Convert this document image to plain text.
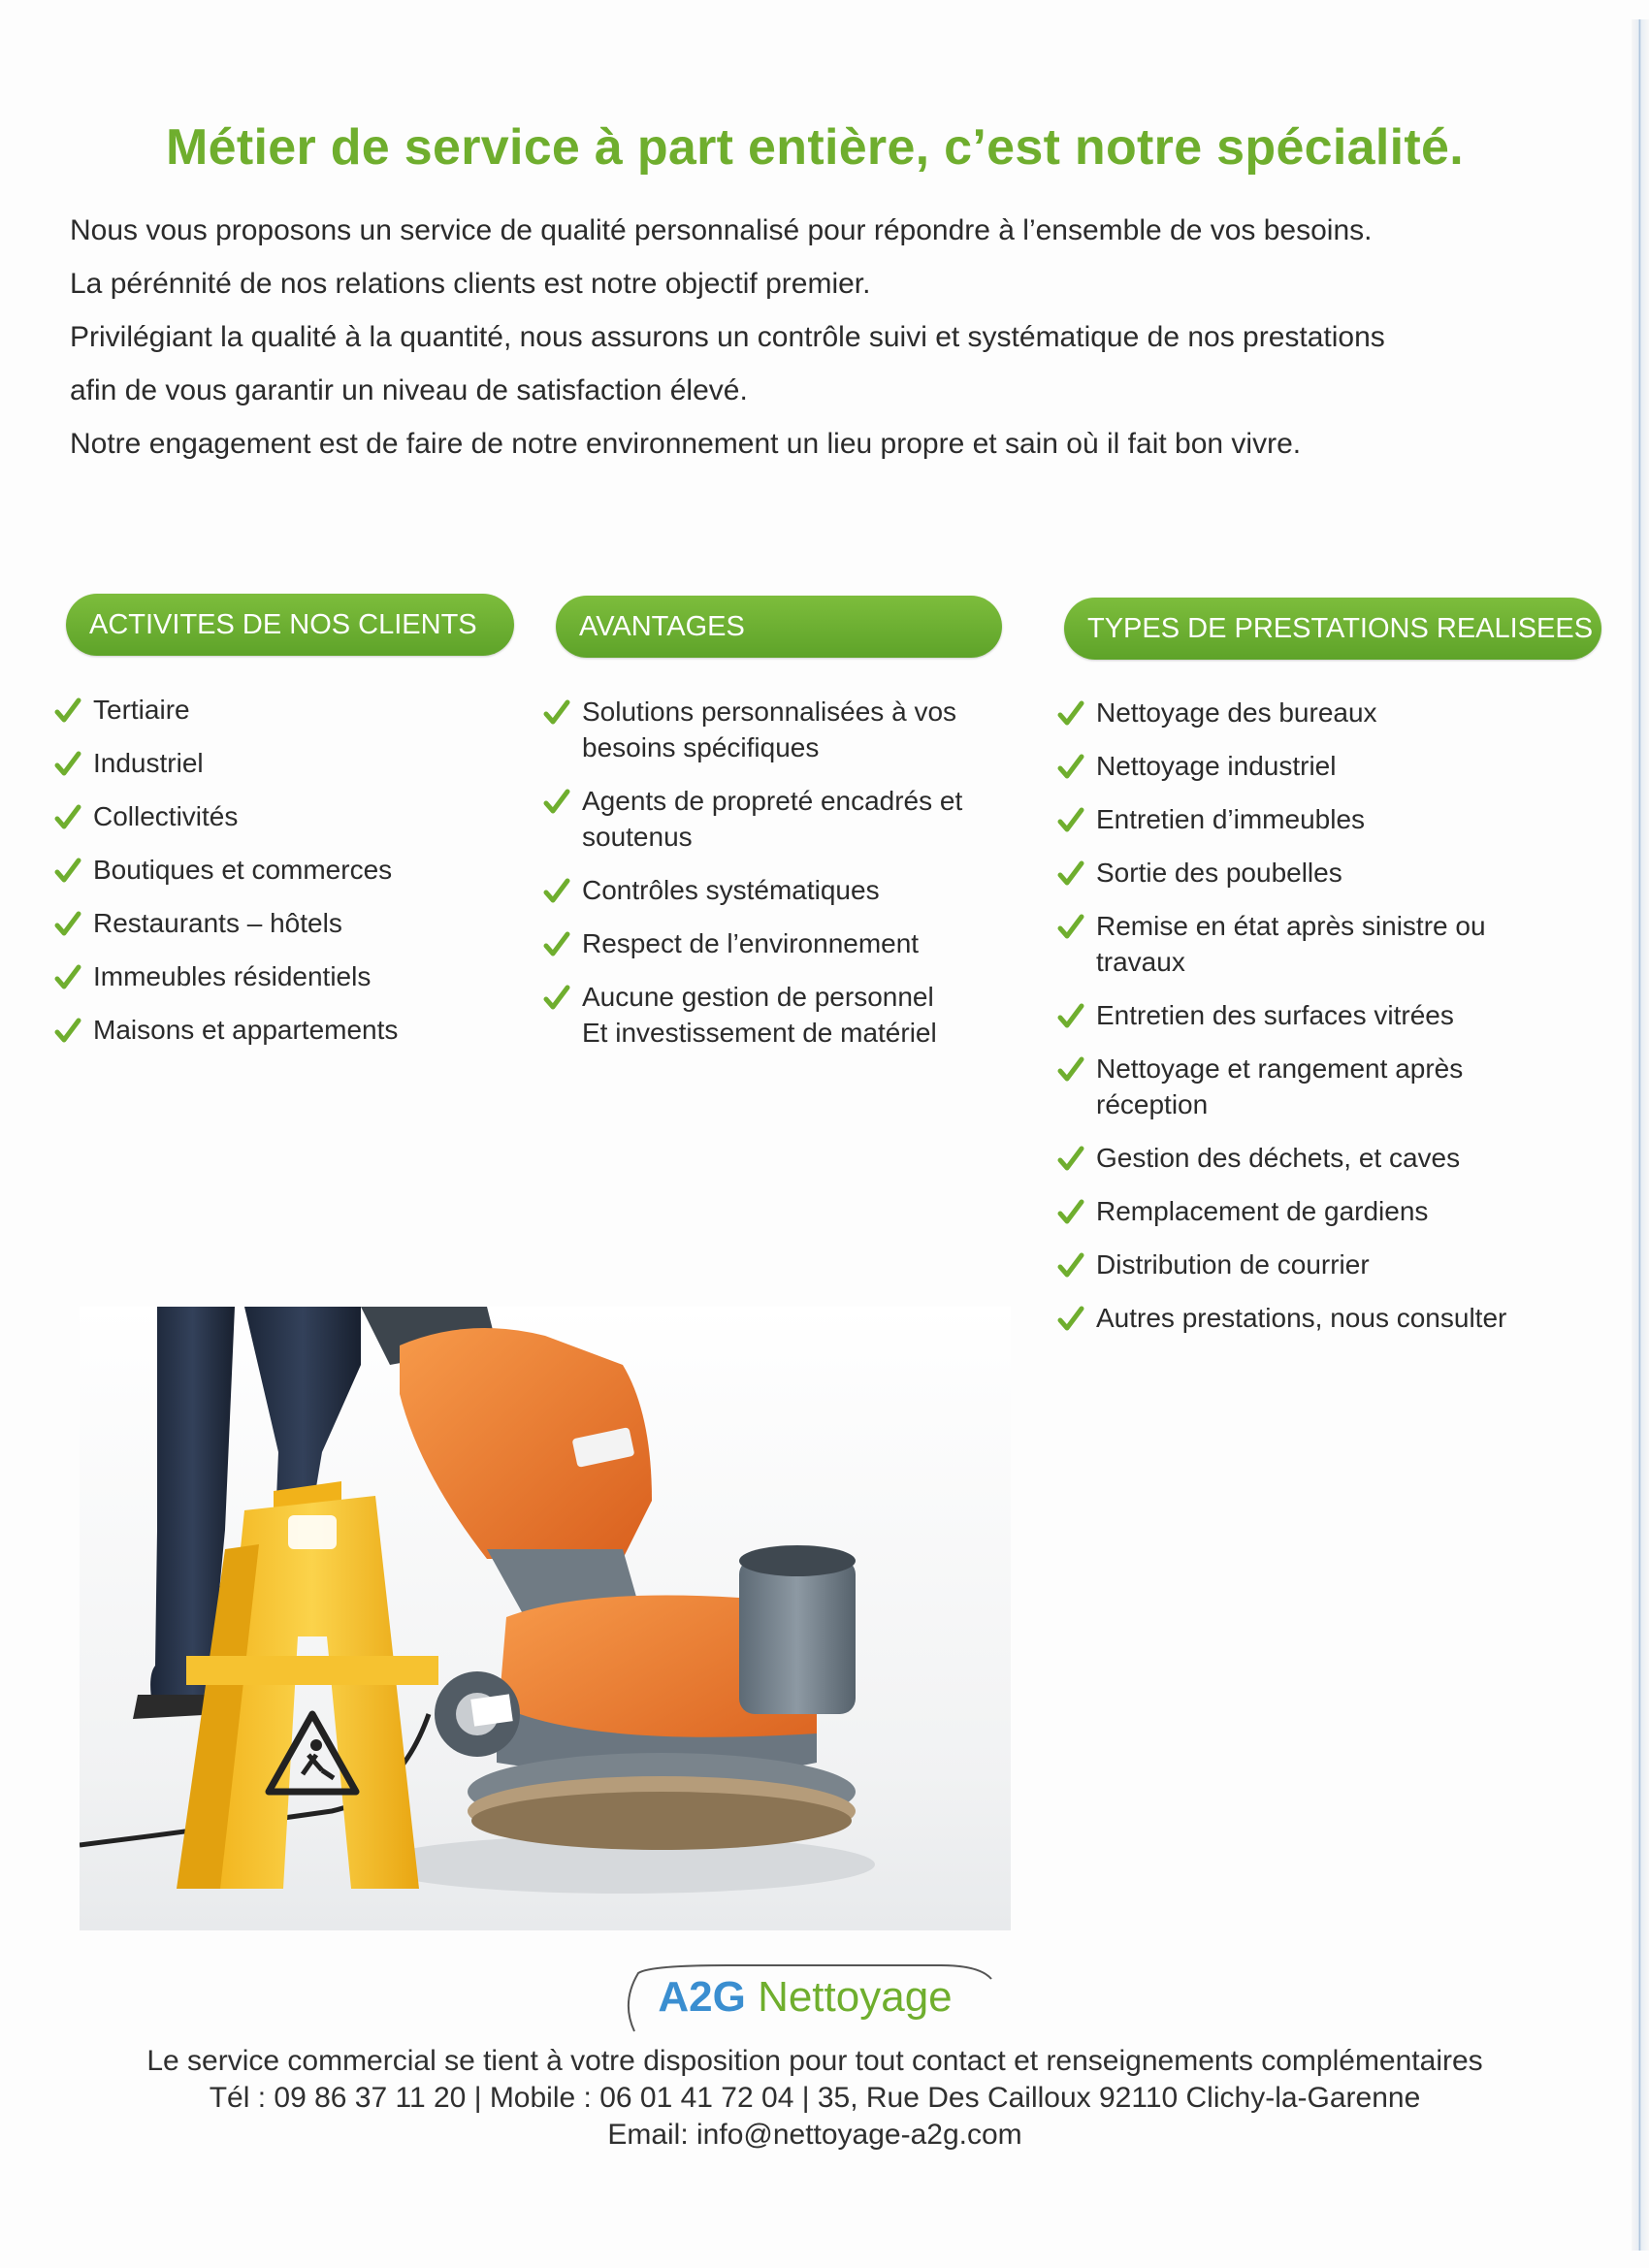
Métier de service à part entière, c’est notre spécialité.

Nous vous proposons un service de qualité personnalisé pour répondre à l’ensemble de vos besoins.

La pérénnité de nos relations clients est notre objectif premier.

Privilégiant la qualité à la quantité, nous assurons un contrôle suivi et systématique de nos prestations

afin de vous garantir un niveau de satisfaction élevé.

Notre engagement est de faire de notre environnement un lieu propre et sain où il fait bon vivre.

ACTIVITES DE NOS CLIENTS	AVANTAGES	TYPES DE PRESTATIONS REALISEES
Tertiaire
Industriel
Collectivités
Boutiques et commerces
Restaurants – hôtels
Immeubles résidentiels
Maisons et appartements
Solutions personnalisées à vos
besoins spécifiques
Agents de propreté encadrés et
soutenus
Contrôles systématiques
Respect de l’environnement
Aucune gestion de personnel
Et investissement de matériel
Nettoyage des bureaux
Nettoyage industriel
Entretien d’immeubles
Sortie des poubelles
Remise en état après sinistre ou
travaux
Entretien des surfaces vitrées
Nettoyage et rangement après
réception
Gestion des déchets, et caves
Remplacement de gardiens
Distribution de courrier
Autres prestations, nous consulter
A2G Nettoyage
Le service commercial se tient à votre disposition pour tout contact et renseignements complémentaires
Tél : 09 86 37 11 20 | Mobile : 06 01 41 72 04 | 35, Rue Des Cailloux 92110 Clichy-la-Garenne
Email: info@nettoyage-a2g.com
